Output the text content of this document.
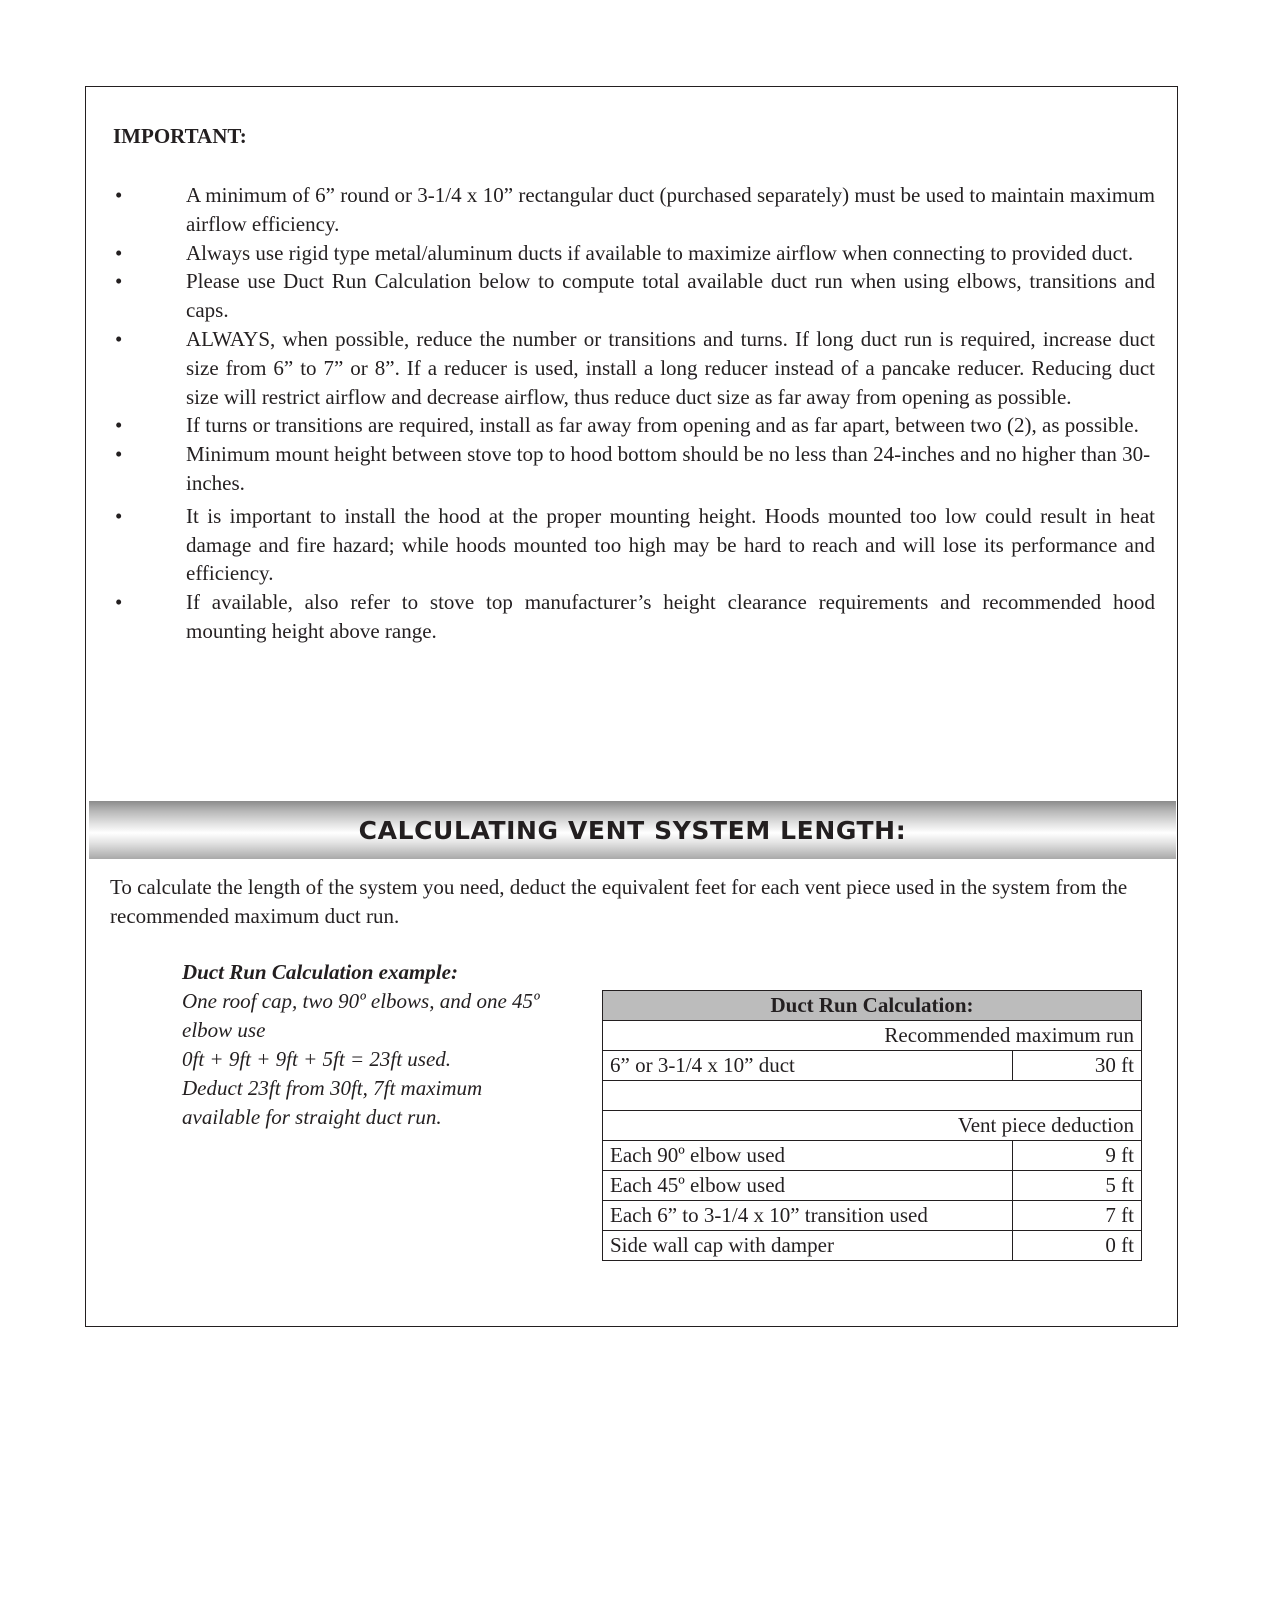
IMPORTANT:
•	A minimum of 6” round or 3-1/4 x 10” rectangular duct (purchased separately) must be used to maintain maximum airflow efficiency.
•	Always use rigid type metal/aluminum ducts if available to maximize airflow when connecting to provided duct.
•	Please use Duct Run Calculation below to compute total available duct run when using elbows, transitions and caps.
•	ALWAYS, when possible, reduce the number or transitions and turns. If long duct run is required, increase duct size from 6” to 7” or 8”. If a reducer is used, install a long reducer instead of a pancake reducer. Reducing duct size will restrict airflow and decrease airflow, thus reduce duct size as far away from opening as possible.
•	If turns or transitions are required, install as far away from opening and as far apart, between two (2), as possible.
•	Minimum mount height between stove top to hood bottom should be no less than 24-inches and no higher than 30-inches.
•	It is important to install the hood at the proper mounting height. Hoods mounted too low could result in heat damage and fire hazard; while hoods mounted too high may be hard to reach and will lose its performance and efficiency.
•	If available, also refer to stove top manufacturer’s height clearance requirements and recommended hood mounting height above range.
CALCULATING VENT SYSTEM LENGTH:

To calculate the length of the system you need, deduct the equivalent feet for each vent piece used in the system from the recommended maximum duct run.

Duct Run Calculation example:
One roof cap, two 90º elbows, and one 45º
elbow use
0ft + 9ft + 9ft + 5ft = 23ft used.
Deduct 23ft from 30ft, 7ft maximum
available for straight duct run.
Duct Run Calculation:	
Recommended maximum run	
6” or 3-1/4 x 10” duct	30 ft

Vent piece deduction	
Each 90º elbow used	9 ft
Each 45º elbow used	5 ft
Each 6” to 3-1/4 x 10” transition used	7 ft
Side wall cap with damper	0 ft
